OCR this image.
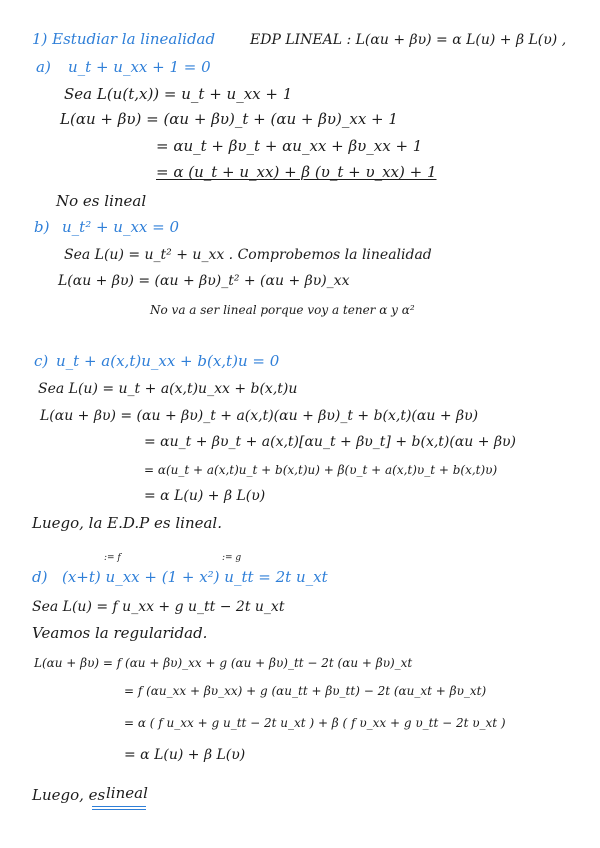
1) Estudiar la linealidad EDP LINEAL : L(αu + βυ) = α L(u) + β L(υ) ,
a) u_t + u_xx + 1 = 0
Sea L(u(t,x)) = u_t + u_xx + 1
L(αu + βυ) = (αu + βυ)_t + (αu + βυ)_xx + 1
= αu_t + βυ_t + αu_xx + βυ_xx + 1
= α (u_t + u_xx) + β (υ_t + υ_xx) + 1
No es lineal
b) u_t² + u_xx = 0
Sea L(u) = u_t² + u_xx . Comprobemos la linealidad
L(αu + βυ) = (αu + βυ)_t² + (αu + βυ)_xx
No va a ser lineal porque voy a tener α y α²
c) u_t + a(x,t)u_xx + b(x,t)u = 0
Sea L(u) = u_t + a(x,t)u_xx + b(x,t)u
L(αu + βυ) = (αu + βυ)_t + a(x,t)(αu + βυ)_t + b(x,t)(αu + βυ)
= αu_t + βυ_t + a(x,t)[αu_t + βυ_t] + b(x,t)(αu + βυ)
= α(u_t + a(x,t)u_t + b(x,t)u) + β(υ_t + a(x,t)υ_t + b(x,t)υ)
= α L(u) + β L(υ)
Luego, la E.D.P es lineal.
:= f	:= g
d) (x+t) u_xx + (1 + x²) u_tt = 2t u_xt
Sea L(u) = f u_xx + g u_tt − 2t u_xt
Veamos la regularidad.
L(αu + βυ) = f (αu + βυ)_xx + g (αu + βυ)_tt − 2t (αu + βυ)_xt
= f (αu_xx + βυ_xx) + g (αu_tt + βυ_tt) − 2t (αu_xt + βυ_xt)
= α ( f u_xx + g u_tt − 2t u_xt ) + β ( f υ_xx + g υ_tt − 2t υ_xt )
= α L(u) + β L(υ)
Luego, es lineal
